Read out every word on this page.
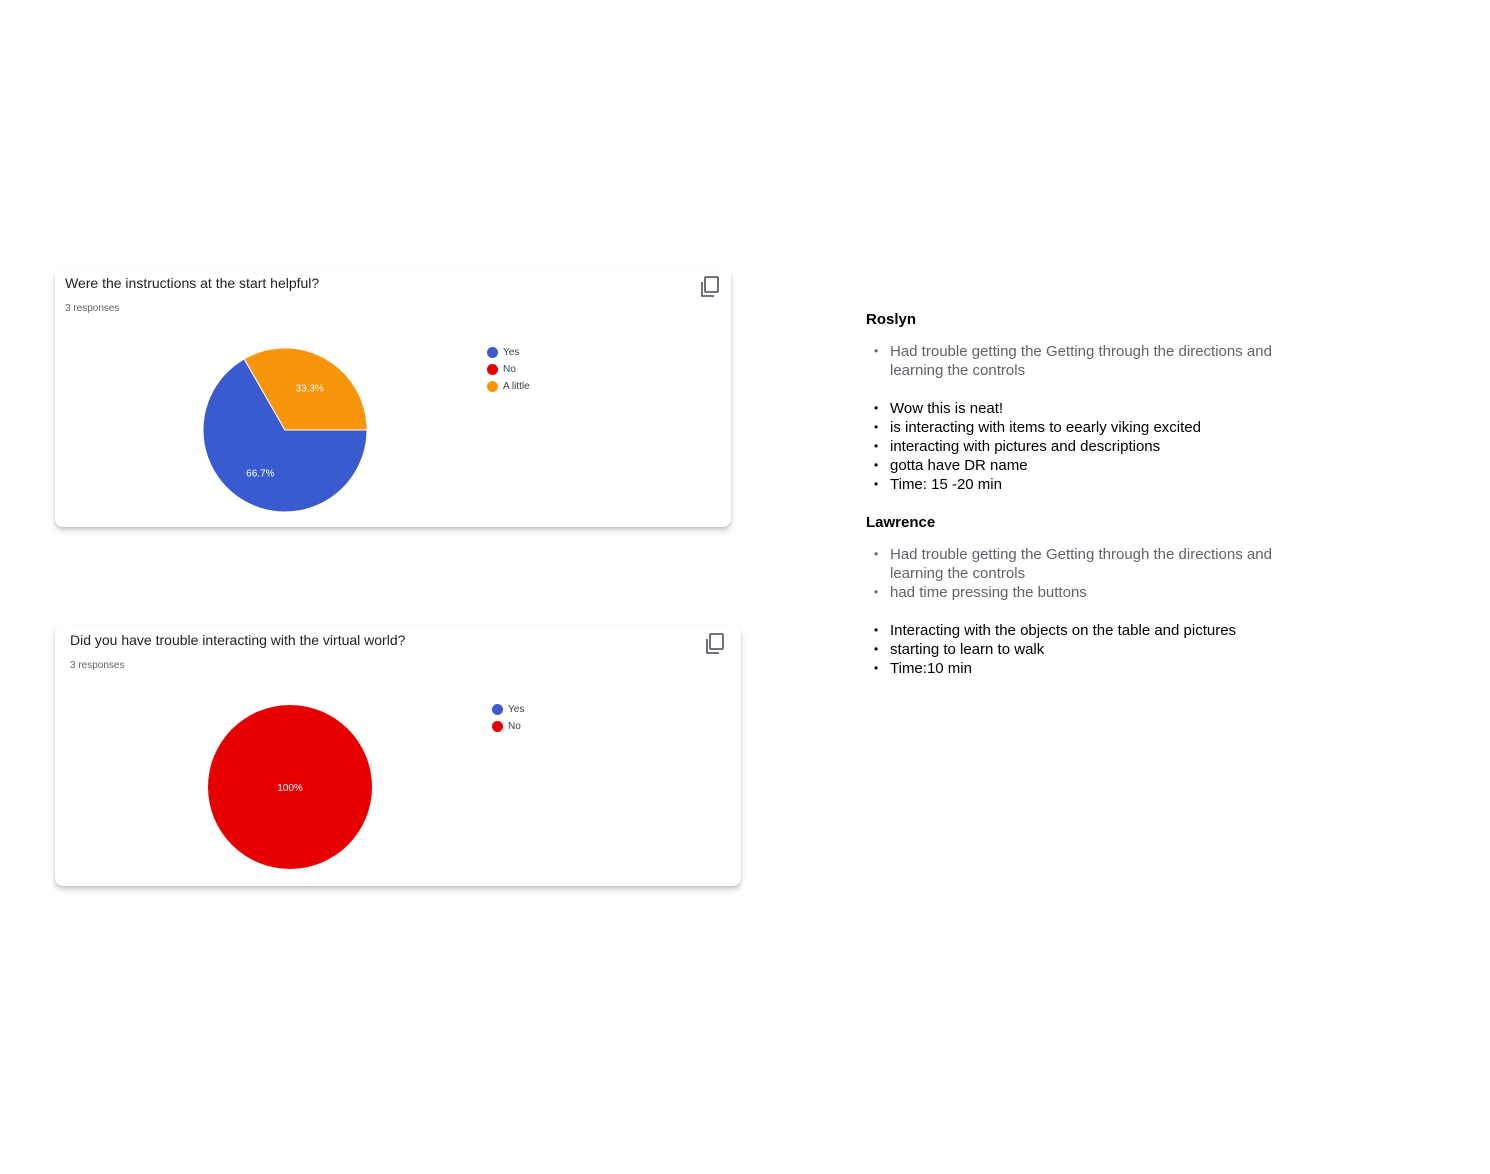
Were the instructions at the start helpful?
3 responses
66.7%
33.3%
Yes
No
A little
Did you have trouble interacting with the virtual world?
3 responses
100%
Yes
No

Roslyn

• Had trouble getting the Getting through the directions and learning the controls
• Wow this is neat!
• is interacting with items to eearly viking excited
• interacting with pictures and descriptions
• gotta have DR name
• Time: 15 -20 min

Lawrence

• Had trouble getting the Getting through the directions and learning the controls
• had time pressing the buttons
• Interacting with the objects on the table and pictures
• starting to learn to walk
• Time:10 min
